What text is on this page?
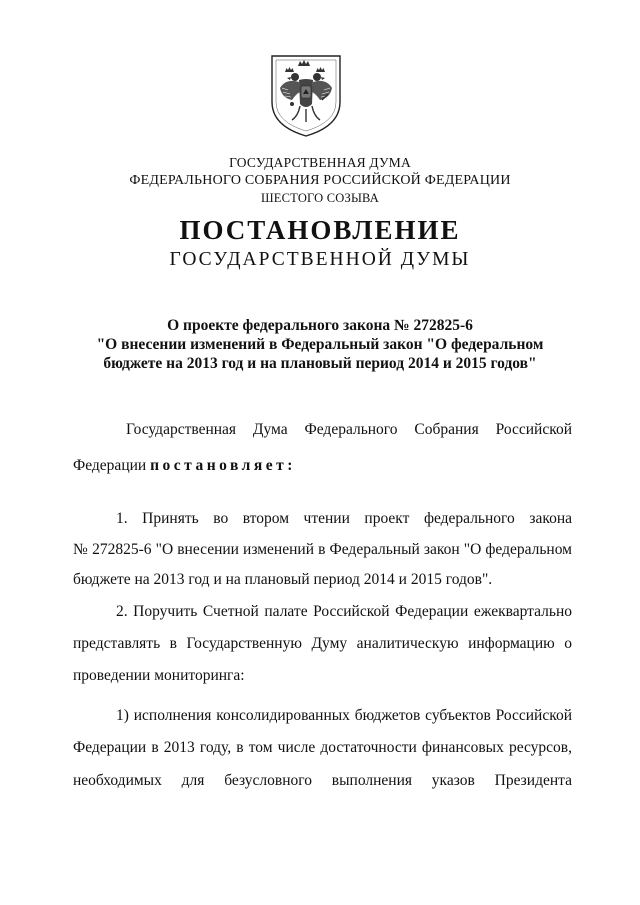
ГОСУДАРСТВЕННАЯ ДУМА
ФЕДЕРАЛЬНОГО СОБРАНИЯ РОССИЙСКОЙ ФЕДЕРАЦИИ
ШЕСТОГО СОЗЫВА
ПОСТАНОВЛЕНИЕ
ГОСУДАРСТВЕННОЙ ДУМЫ
О проекте федерального закона № 272825-6
"О внесении изменений в Федеральный закон "О федеральном
бюджете на 2013 год и на плановый период 2014 и 2015 годов"
Государственная Дума Федерального Собрания Российской
Федерации постановляет:
1. Принять во втором чтении проект федерального закона
№ 272825-6 "О внесении изменений в Федеральный закон "О федеральном
бюджете на 2013 год и на плановый период 2014 и 2015 годов".
2. Поручить Счетной палате Российской Федерации ежеквартально
представлять в Государственную Думу аналитическую информацию о
проведении мониторинга:
1) исполнения консолидированных бюджетов субъектов Российской
Федерации в 2013 году, в том числе достаточности финансовых ресурсов,
необходимых для безусловного выполнения указов Президента
